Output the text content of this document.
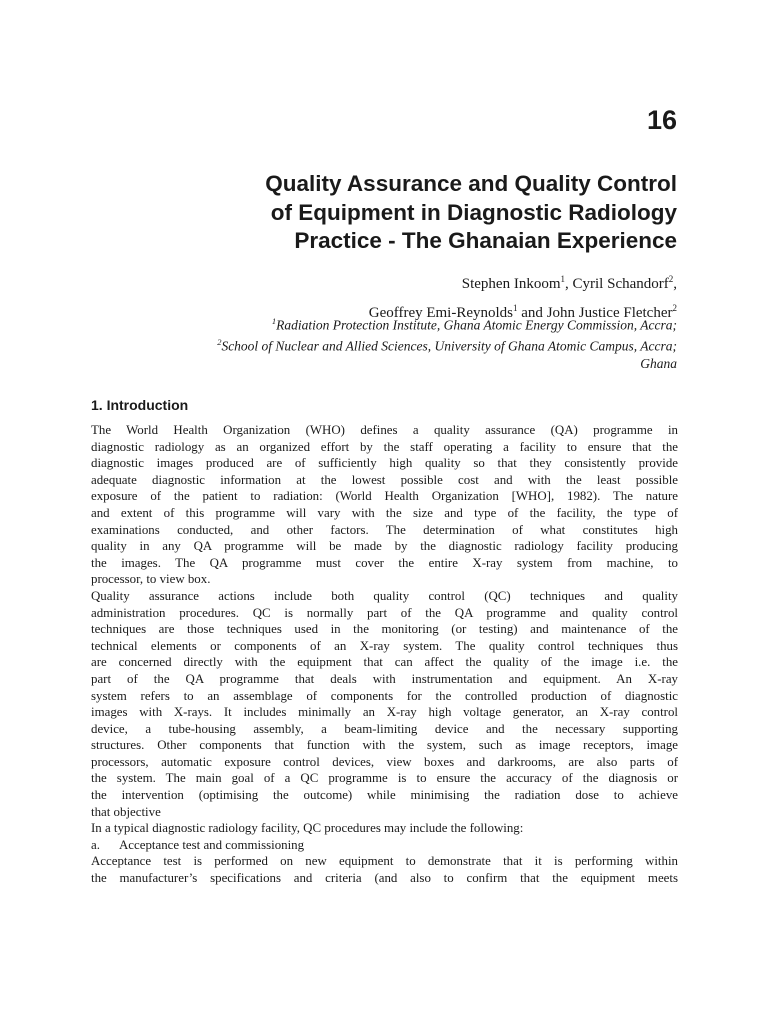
16
Quality Assurance and Quality Control
of Equipment in Diagnostic Radiology
Practice - The Ghanaian Experience
Stephen Inkoom$^1$, Cyril Schandorf$^2$,
Geoffrey Emi-Reynolds$^1$ and John Justice Fletcher$^2$
$^1$Radiation Protection Institute, Ghana Atomic Energy Commission, Accra;
$^2$School of Nuclear and Allied Sciences, University of Ghana Atomic Campus, Accra;
Ghana
1. Introduction
The World Health Organization (WHO) defines a quality assurance (QA) programme in
diagnostic radiology as an organized effort by the staff operating a facility to ensure that the
diagnostic images produced are of sufficiently high quality so that they consistently provide
adequate diagnostic information at the lowest possible cost and with the least possible
exposure of the patient to radiation: (World Health Organization [WHO], 1982). The nature
and extent of this programme will vary with the size and type of the facility, the type of
examinations conducted, and other factors. The determination of what constitutes high
quality in any QA programme will be made by the diagnostic radiology facility producing
the images. The QA programme must cover the entire X-ray system from machine, to
processor, to view box.
Quality assurance actions include both quality control (QC) techniques and quality
administration procedures. QC is normally part of the QA programme and quality control
techniques are those techniques used in the monitoring (or testing) and maintenance of the
technical elements or components of an X-ray system. The quality control techniques thus
are concerned directly with the equipment that can affect the quality of the image i.e. the
part of the QA programme that deals with instrumentation and equipment. An X-ray
system refers to an assemblage of components for the controlled production of diagnostic
images with X-rays. It includes minimally an X-ray high voltage generator, an X-ray control
device, a tube-housing assembly, a beam-limiting device and the necessary supporting
structures. Other components that function with the system, such as image receptors, image
processors, automatic exposure control devices, view boxes and darkrooms, are also parts of
the system. The main goal of a QC programme is to ensure the accuracy of the diagnosis or
the intervention (optimising the outcome) while minimising the radiation dose to achieve
that objective
In a typical diagnostic radiology facility, QC procedures may include the following:
a. Acceptance test and commissioning
Acceptance test is performed on new equipment to demonstrate that it is performing within
the manufacturer’s specifications and criteria (and also to confirm that the equipment meets
